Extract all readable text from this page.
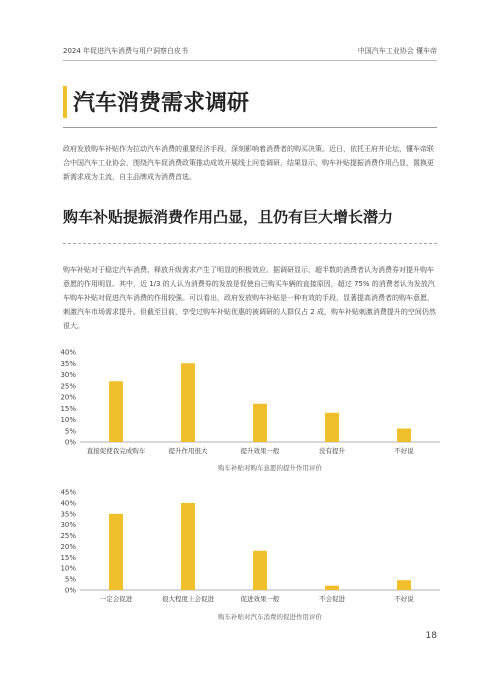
2024 年促进汽车消费与用户洞察白皮书	中国汽车工业协会 懂车帝
汽车消费需求调研
政府发放购车补贴作为拉动汽车消费的重要经济手段，深刻影响着消费者的购买决策。近日，依托王府井论坛，懂车帝联合中国汽车工业协会，围绕汽车促消费政策推动成效开展线上问卷调研，结果显示，购车补贴提振消费作用凸显，置换更新需求成为主流，自主品牌成为消费首选。
购车补贴提振消费作用凸显，且仍有巨大增长潜力
购车补贴对于稳定汽车消费、释放升级需求产生了明显的积极效应。据调研显示，超半数的消费者认为消费券对提升购车意愿的作用明显。其中，近 1/3 的人认为消费券的发放是促使自己购买车辆的直接原因，超过 75% 的消费者认为发放汽车购车补贴对促进汽车消费的作用较强。可以看出，政府发放购车补贴是一种有效的手段，显著提高消费者的购车意愿，刺激汽车市场需求提升。但截至目前，享受过购车补贴优惠的被调研的人群仅占 2 成，购车补贴刺激消费提升的空间仍然很大。
0%
5%
10%
15%
20%
25%
30%
35%
40%
直接促使我完成购车	提升作用很大	提升效果一般	没有提升	不好说
购车补贴对购车意愿的提升作用评价
0%
5%
10%
15%
20%
25%
30%
35%
40%
45%
一定会促进	很大程度上会促进	促进效果一般	不会促进	不好说
购车补贴对汽车消费的促进作用评价
18
